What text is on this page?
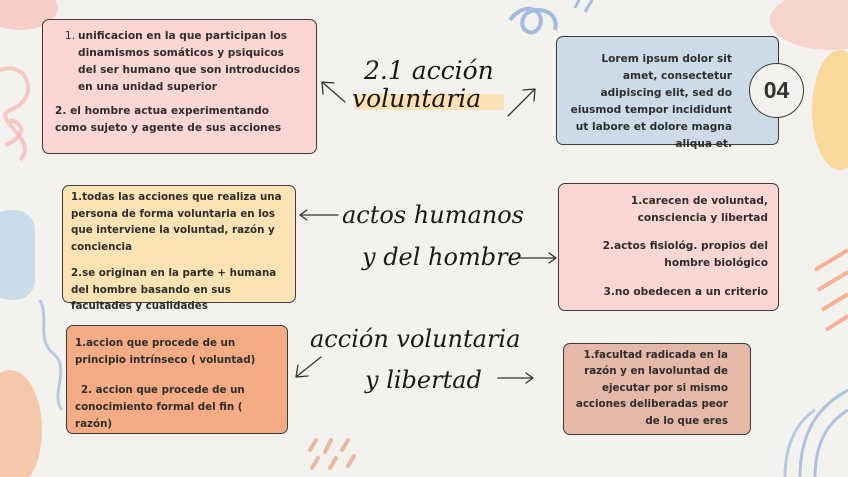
2.1 acción
voluntaria
1. unificacion en la que participan los dinamismos somáticos y psiquicos del ser humano que son introducidos en una unidad superior

2. el hombre actua experimentando como sujeto y agente de sus acciones

Lorem ipsum dolor sit amet, consectetur adipiscing elit, sed do eiusmod tempor incididunt ut labore et dolore magna aliqua et.

04

1.todas las acciones que realiza una persona de forma voluntaria en los que interviene la voluntad, razón y conciencia

2.se originan en la parte + humana del hombre basando en sus facultades y cualidades

actos humanos
y del hombre

1.carecen de voluntad, consciencia y libertad

2.actos fisiológ. propios del hombre biológico

3.no obedecen a un criterio

1.accion que procede de un principio intrínseco ( voluntad)

2. accion que procede de un conocimiento formal del fin ( razón)

acción voluntaria
y libertad

1.facultad radicada en la razón y en lavoluntad de ejecutar por si mismo acciones deliberadas peor de lo que eres
